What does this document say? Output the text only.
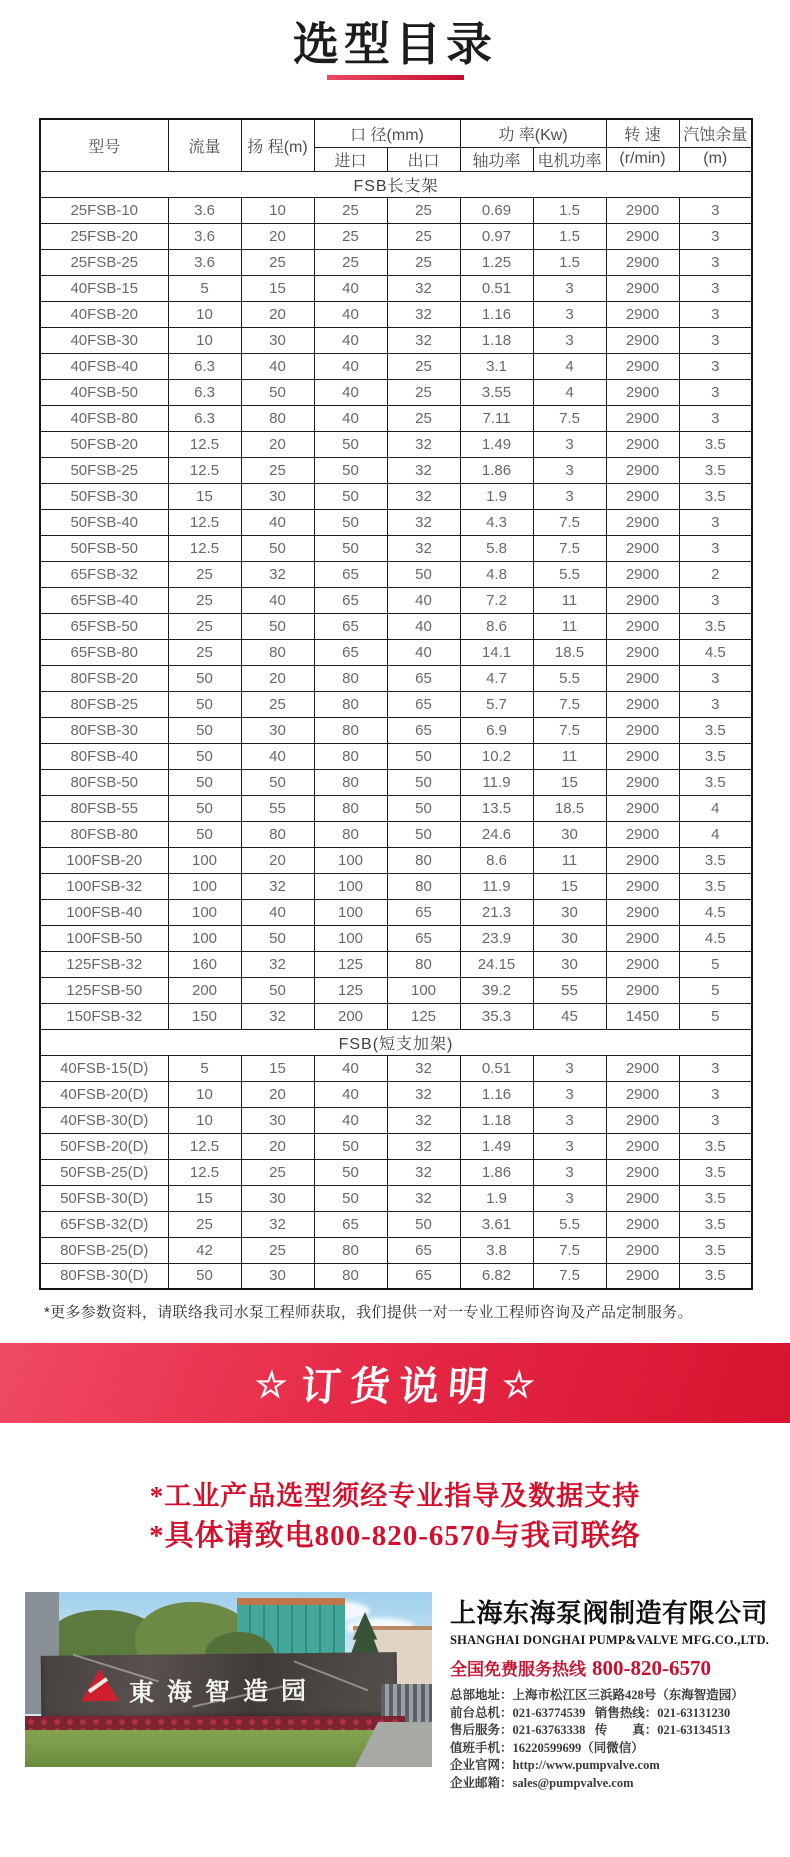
选型目录
型号	流量	扬 程(m)	口 径(mm)		功 率(Kw)		转 速	汽蚀余量
			进口	出口	轴功率	电机功率	(r/min)	(m)
FSB长支架								
25FSB-10	3.6	10	25	25	0.69	1.5	2900	3
25FSB-20	3.6	20	25	25	0.97	1.5	2900	3
25FSB-25	3.6	25	25	25	1.25	1.5	2900	3
40FSB-15	5	15	40	32	0.51	3	2900	3
40FSB-20	10	20	40	32	1.16	3	2900	3
40FSB-30	10	30	40	32	1.18	3	2900	3
40FSB-40	6.3	40	40	25	3.1	4	2900	3
40FSB-50	6.3	50	40	25	3.55	4	2900	3
40FSB-80	6.3	80	40	25	7.11	7.5	2900	3
50FSB-20	12.5	20	50	32	1.49	3	2900	3.5
50FSB-25	12.5	25	50	32	1.86	3	2900	3.5
50FSB-30	15	30	50	32	1.9	3	2900	3.5
50FSB-40	12.5	40	50	32	4.3	7.5	2900	3
50FSB-50	12.5	50	50	32	5.8	7.5	2900	3
65FSB-32	25	32	65	50	4.8	5.5	2900	2
65FSB-40	25	40	65	40	7.2	11	2900	3
65FSB-50	25	50	65	40	8.6	11	2900	3.5
65FSB-80	25	80	65	40	14.1	18.5	2900	4.5
80FSB-20	50	20	80	65	4.7	5.5	2900	3
80FSB-25	50	25	80	65	5.7	7.5	2900	3
80FSB-30	50	30	80	65	6.9	7.5	2900	3.5
80FSB-40	50	40	80	50	10.2	11	2900	3.5
80FSB-50	50	50	80	50	11.9	15	2900	3.5
80FSB-55	50	55	80	50	13.5	18.5	2900	4
80FSB-80	50	80	80	50	24.6	30	2900	4
100FSB-20	100	20	100	80	8.6	11	2900	3.5
100FSB-32	100	32	100	80	11.9	15	2900	3.5
100FSB-40	100	40	100	65	21.3	30	2900	4.5
100FSB-50	100	50	100	65	23.9	30	2900	4.5
125FSB-32	160	32	125	80	24.15	30	2900	5
125FSB-50	200	50	125	100	39.2	55	2900	5
150FSB-32	150	32	200	125	35.3	45	1450	5
FSB(短支加架)								
40FSB-15(D)	5	15	40	32	0.51	3	2900	3
40FSB-20(D)	10	20	40	32	1.16	3	2900	3
40FSB-30(D)	10	30	40	32	1.18	3	2900	3
50FSB-20(D)	12.5	20	50	32	1.49	3	2900	3.5
50FSB-25(D)	12.5	25	50	32	1.86	3	2900	3.5
50FSB-30(D)	15	30	50	32	1.9	3	2900	3.5
65FSB-32(D)	25	32	65	50	3.61	5.5	2900	3.5
80FSB-25(D)	42	25	80	65	3.8	7.5	2900	3.5
80FSB-30(D)	50	30	80	65	6.82	7.5	2900	3.5
*更多参数资料，请联络我司水泵工程师获取，我们提供一对一专业工程师咨询及产品定制服务。
☆ 订货说明☆
*工业产品选型须经专业指导及数据支持
*具体请致电800-820-6570与我司联络
東海智造园
上海东海泵阀制造有限公司
SHANGHAI DONGHAI PUMP&VALVE MFG.CO.,LTD.
全国免费服务热线 800-820-6570
总部地址：上海市松江区三浜路428号（东海智造园）
前台总机：021-63774539   销售热线：021-63131230
售后服务：021-63763338   传　　真：021-63134513
值班手机：16220599699（同微信）
企业官网：http://www.pumpvalve.com
企业邮箱：sales@pumpvalve.com
